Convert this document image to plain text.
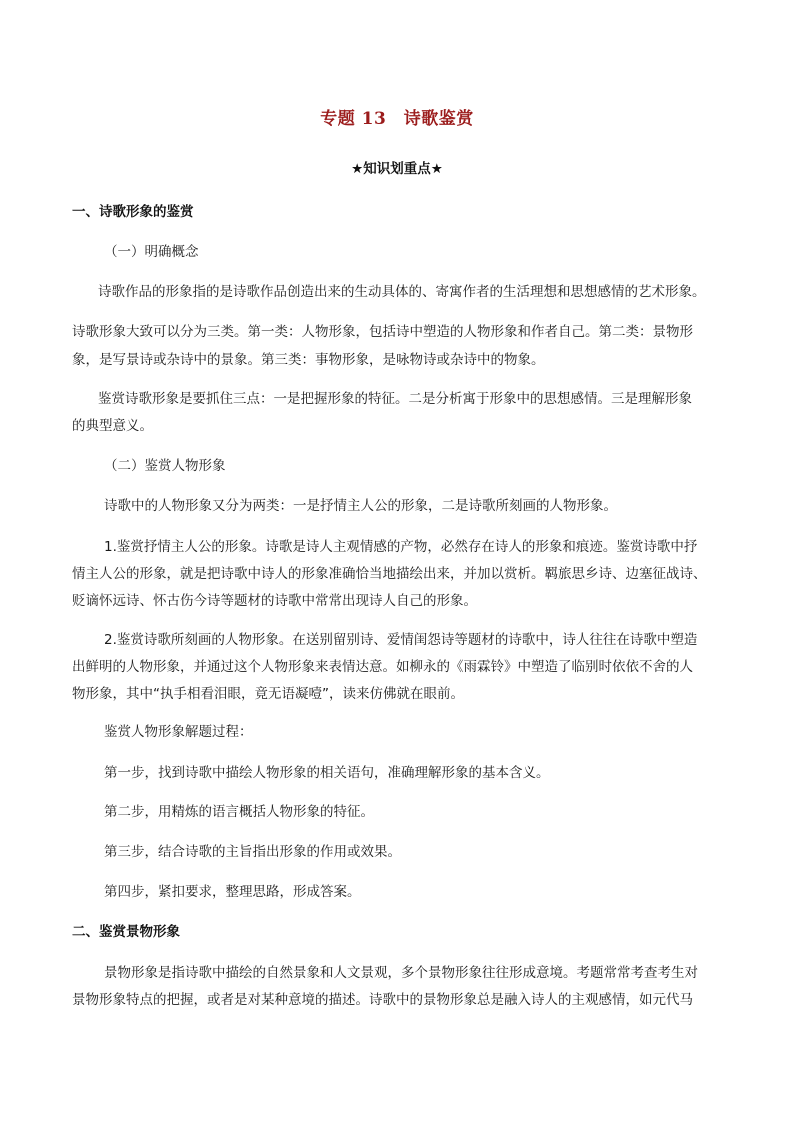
专题 13　诗歌鉴赏
★知识划重点★
一、诗歌形象的鉴赏
（一）明确概念
诗歌作品的形象指的是诗歌作品创造出来的生动具体的、寄寓作者的生活理想和思想感情的艺术形象。
诗歌形象大致可以分为三类。第一类：人物形象，包括诗中塑造的人物形象和作者自己。第二类：景物形
象，是写景诗或杂诗中的景象。第三类：事物形象，是咏物诗或杂诗中的物象。
鉴赏诗歌形象是要抓住三点：一是把握形象的特征。二是分析寓于形象中的思想感情。三是理解形象
的典型意义。
（二）鉴赏人物形象
诗歌中的人物形象又分为两类：一是抒情主人公的形象，二是诗歌所刻画的人物形象。
1.鉴赏抒情主人公的形象。诗歌是诗人主观情感的产物，必然存在诗人的形象和痕迹。鉴赏诗歌中抒
情主人公的形象，就是把诗歌中诗人的形象准确恰当地描绘出来，并加以赏析。羁旅思乡诗、边塞征战诗、
贬谪怀远诗、怀古伤今诗等题材的诗歌中常常出现诗人自己的形象。
2.鉴赏诗歌所刻画的人物形象。在送别留别诗、爱情闺怨诗等题材的诗歌中，诗人往往在诗歌中塑造
出鲜明的人物形象，并通过这个人物形象来表情达意。如柳永的《雨霖铃》中塑造了临别时依依不舍的人
物形象，其中“执手相看泪眼，竟无语凝噎”，读来仿佛就在眼前。
鉴赏人物形象解题过程：
第一步，找到诗歌中描绘人物形象的相关语句，准确理解形象的基本含义。
第二步，用精炼的语言概括人物形象的特征。
第三步，结合诗歌的主旨指出形象的作用或效果。
第四步，紧扣要求，整理思路，形成答案。
二、鉴赏景物形象
景物形象是指诗歌中描绘的自然景象和人文景观，多个景物形象往往形成意境。考题常常考查考生对
景物形象特点的把握，或者是对某种意境的描述。诗歌中的景物形象总是融入诗人的主观感情，如元代马
